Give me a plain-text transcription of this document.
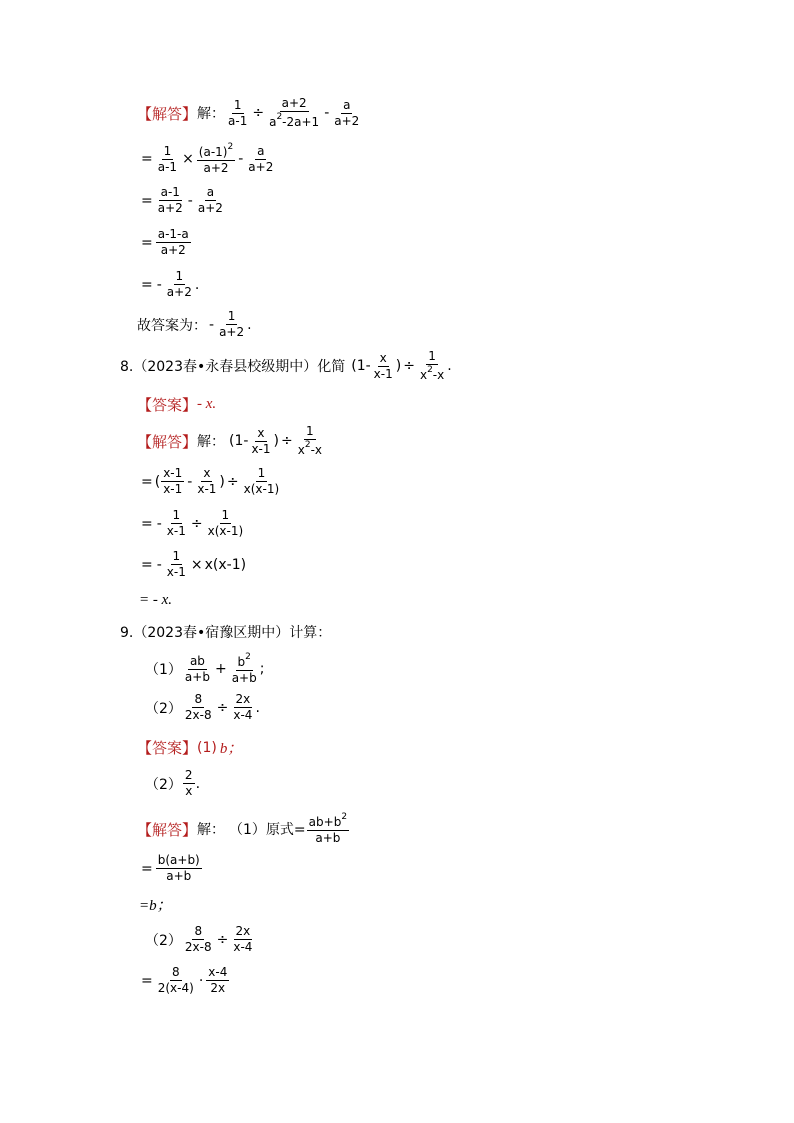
【解答】 解： $\frac{1}{a-1} \div \frac{a+2}{a^2-2a+1} - \frac{a}{a+2}$
= $\frac{1}{a-1} \times \frac{(a-1)^2}{a+2} - \frac{a}{a+2}$
= $\frac{a-1}{a+2} - \frac{a}{a+2}$
= $\frac{a-1-a}{a+2}$
= - $\frac{1}{a+2}$ .
故答案为： - $\frac{1}{a+2}$ .
8.（2023春•永春县校级期中）化简 ($1- \frac{x}{x-1}$ ) ÷ $\frac{1}{x^2-x}$ .
【答案】 - x.
【解答】 解： ($1- \frac{x}{x-1}$ ) ÷ $\frac{1}{x^2-x}$
= ( $\frac{x-1}{x-1} - \frac{x}{x-1}$ ) ÷ $\frac{1}{x(x-1)}$
= - $\frac{1}{x-1} \div \frac{1}{x(x-1)}$
= - $\frac{1}{x-1} \times x(x-1)$
= - x.
9.（2023春•宿豫区期中）计算：
$(1) \frac{ab}{a+b} + \frac{b^2}{a+b}$ ;
$(2) \frac{8}{2x-8} \div \frac{2x}{x-4}$ .
【答案】 (1) b；
$(2) \frac{2}{x}$ .
【解答】 解： （1） 原式= $\frac{ab+b^2}{a+b}$
= $\frac{b(a+b)}{a+b}$
=b；
$(2) \frac{8}{2x-8} \div \frac{2x}{x-4}$
= $\frac{8}{2(x-4)} \cdot \frac{x-4}{2x}$
